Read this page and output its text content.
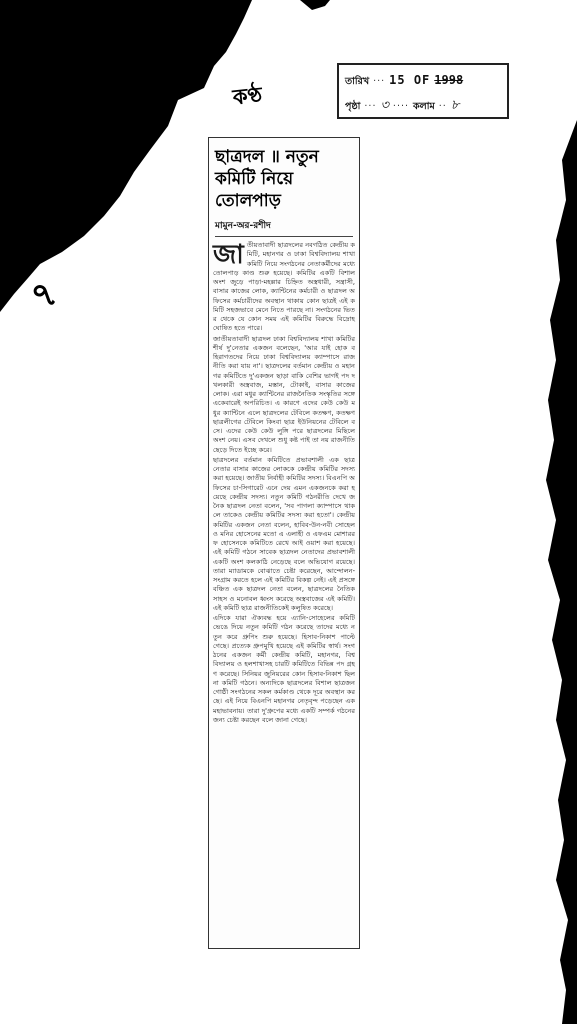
কণ্ঠ
৭
তারিখ ··· 15 OF 1998
পৃষ্ঠা ··· ৩ ···· কলাম ·· ৮
ছাত্রদল ॥ নতুন
কমিটি নিয়ে
তোলপাড়
মামুন-অর-রশীদ
জা তীয়তাবাদী ছাত্রদলের নবগঠিত কেন্দ্রীয় কমিটি, মহানগর ও ঢাকা বিশ্ববিদ্যালয় শাখা কমিটি নিয়ে সংগঠনের নেতাকর্মীদের মধ্যে তোলপাড় কাণ্ড শুরু হয়েছে। কমিটির একটি বিশাল অংশ জুড়ে পাড়া-মহল্লার চিহ্নিত অস্ত্রধারী, সন্ত্রাসী, বাসার কাজের লোক, ক্যান্টিনের কর্মচারী ও ছাত্রদল অফিসের কর্মচারীদের অবস্থান থাকায় কোন ছাত্রই এই কমিটি সহজভাবে মেনে নিতে পারছে না। সংগঠনের ভিতর থেকে যে কোন সময় এই কমিটির বিরুদ্ধে বিদ্রোহ ঘোষিত হতে পারে।

জাতীয়তাবাদী ছাত্রদল ঢাকা বিশ্ববিদ্যালয় শাখা কমিটির শীর্ষ দু'নেতার একজন বলেছেন, 'আর যাই হোক বহিরাগতদের নিয়ে ঢাকা বিশ্ববিদ্যালয় ক্যাম্পাসে রাজনীতি করা যায় না'। ছাত্রদলের বর্তমান কেন্দ্রীয় ও মহানগর কমিটিতে দু'একজন ছাড়া বাকি বেশির ভাগই পদ দখলকারী অস্ত্রবাজ, মস্তান, টোকাই, বাসার কাজের লোক। এরা মধুর ক্যান্টিনের রাজনৈতিক সংস্কৃতির সঙ্গে একেবারেই অপরিচিত। এ কারণে এদের কেউ কেউ মধুর ক্যান্টিনে এলে ছাত্রদলের টেবিলে কতক্ষণ, কতক্ষণ ছাত্রলীগের টেবিলে কিংবা ছাত্র ইউনিয়নের টেবিলে বসে। এদের কেউ কেউ লুঙ্গি পরে ছাত্রদলের মিছিলে অংশ নেয়। এসব দেখলে শুধু কষ্ট পাই তা নয় রাজনীতি ছেড়ে দিতে ইচ্ছে করে।

ছাত্রদলের বর্তমান কমিটিতে প্রভাবশালী এক ছাত্রনেতার বাসার কাজের লোককে কেন্দ্রীয় কমিটির সদস্য করা হয়েছে। জাতীয় নির্বাহী কমিটির সদস্য। বিএনপি অফিসের চা-সিগারেট এনে দেয় এমন একজনকে করা হয়েছে কেন্দ্রীয় সদস্য। নতুন কমিটি গঠনরীতি দেখে জনৈক ছাত্রদল নেতা বলেন, 'সব পাগলা ক্যাম্পাসে থাকলে তাকেও কেন্দ্রীয় কমিটির সদস্য করা হতো'। কেন্দ্রীয় কমিটির একজন নেতা বলেন, হাবিব-উন-নবী সোহেল ও মনির হোসেনের মতো এ এলাহী ও এফএম মোশাররফ হোসেনকে কমিটিতে রেখে আই ওয়াশ করা হয়েছে। এই কমিটি গঠনে সাবেক ছাত্রদল নেতাদের প্রভাবশালী একটি অংশ কলকাঠি নেড়েছে বলে অভিযোগ রয়েছে। তারা ম্যাডামকে বোঝাতে চেষ্টা করেছেন, আন্দোলন-সংগ্রাম করতে হলে এই কমিটির বিকল্প নেই। এই প্রসঙ্গে বঞ্চিত এক ছাত্রদল নেতা বলেন, ছাত্রদলের নৈতিক সাহস ও মনোবল ধ্বংস করেছে অস্ত্রবাজের এই কমিটি। এই কমিটি ছাত্র রাজনীতিকেই কলুষিত করেছে।

এদিকে যারা ঐক্যবদ্ধ হয়ে এ্যানি-সোহেলের কমিটি ভেঙে দিয়ে নতুন কমিটি গঠন করেছে তাদের মধ্যে নতুন করে গ্রুপিং শুরু হয়েছে। হিসাব-নিকাশ পাল্টে গেছে। প্রত্যেক গ্রুপমুখি হয়েছে এই কমিটির স্বার্থ। সংগঠনের একজন কর্মী কেন্দ্রীয় কমিটি, মহানগর, বিশ্ববিদ্যালয় ও হলশাখাসহ চারটি কমিটিতে বিভিন্ন পদ গ্রহণ করেছে। সিনিয়র জুনিয়রের কোন হিসাব-নিকাশ ছিল না কমিটি গঠনে। অন্যদিকে ছাত্রদলের বিশাল ছাত্রজনগোষ্ঠী সংগঠনের সকল কর্মকাণ্ড থেকে দূরে অবস্থান করছে। এই নিয়ে বিএনপি মহানগর নেতৃবৃন্দ পড়েছেন এক মহাভাবনায়। তারা দু'গ্রুপের মধ্যে একটি সম্পর্ক গঠনের জন্য চেষ্টা করছেন বলে জানা গেছে।
